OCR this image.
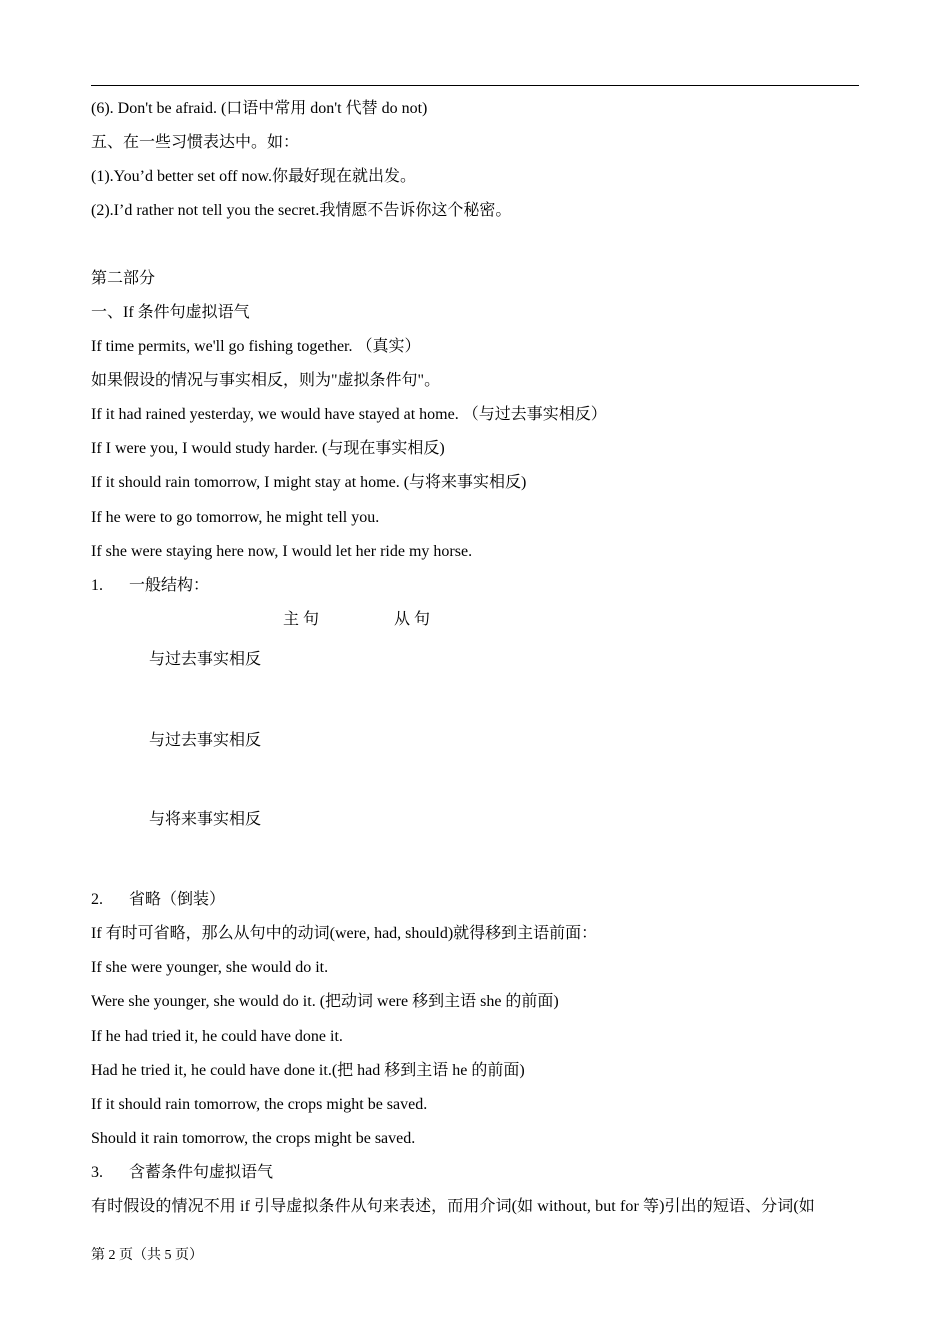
(6). Don't be afraid. (口语中常用 don't 代替 do not)
五、在一些习惯表达中。如：
(1).You’d better set off now.你最好现在就出发。
(2).I’d rather not tell you the secret.我情愿不告诉你这个秘密。
第二部分
一、If 条件句虚拟语气
If time permits, we'll go fishing together. （真实）
如果假设的情况与事实相反，则为"虚拟条件句"。
If it had rained yesterday, we would have stayed at home. （与过去事实相反）
If I were you, I would study harder. (与现在事实相反)
If it should rain tomorrow, I might stay at home. (与将来事实相反)
If he were to go tomorrow, he might tell you.
If she were staying here now, I would let her ride my horse.
1. 一般结构：
主句	从句
与过去事实相反
与过去事实相反
与将来事实相反
2. 省略（倒装）
If 有时可省略，那么从句中的动词(were, had, should)就得移到主语前面：
If she were younger, she would do it.
Were she younger, she would do it. (把动词 were 移到主语 she 的前面)
If he had tried it, he could have done it.
Had he tried it, he could have done it.(把 had 移到主语 he 的前面)
If it should rain tomorrow, the crops might be saved.
Should it rain tomorrow, the crops might be saved.
3. 含蓄条件句虚拟语气
有时假设的情况不用 if 引导虚拟条件从句来表述，而用介词(如 without, but for 等)引出的短语、分词(如
第 2 页（共 5 页）
